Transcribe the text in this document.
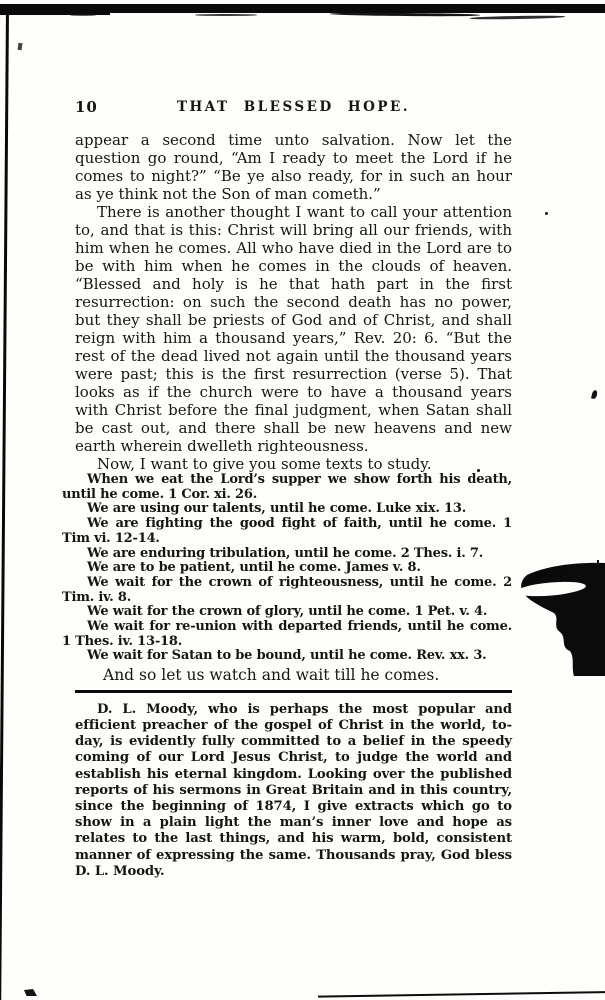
10	THAT BLESSED HOPE.

appear a second time unto salvation. Now let the question go round, “Am I ready to meet the Lord if he comes to night?” “Be ye also ready, for in such an hour as ye think not the Son of man cometh.”

There is another thought I want to call your attention to, and that is this: Christ will bring all our friends, with him when he comes. All who have died in the Lord are to be with him when he comes in the clouds of heaven. “Blessed and holy is he that hath part in the first resurrection: on such the second death has no power, but they shall be priests of God and of Christ, and shall reign with him a thousand years,” Rev. 20: 6. “But the rest of the dead lived not again until the thousand years were past; this is the first resurrection (verse 5). That looks as if the church were to have a thousand years with Christ before the final judgment, when Satan shall be cast out, and there shall be new heavens and new earth wherein dwelleth righteousness.

Now, I want to give you some texts to study.

When we eat the Lord’s supper we show forth his death, until he come. 1 Cor. xi. 26.

We are using our talents, until he come. Luke xix. 13.

We are fighting the good fight of faith, until he come. 1 Tim vi. 12-14.

We are enduring tribulation, until he come. 2 Thes. i. 7.

We are to be patient, until he come. James v. 8.

We wait for the crown of righteousness, until he come. 2 Tim. iv. 8.

We wait for the crown of glory, until he come. 1 Pet. v. 4.

We wait for re-union with departed friends, until he come. 1 Thes. iv. 13-18.

We wait for Satan to be bound, until he come. Rev. xx. 3.

And so let us watch and wait till he comes.

D. L. Moody, who is perhaps the most popular and efficient preacher of the gospel of Christ in the world, to-day, is evidently fully committed to a belief in the speedy coming of our Lord Jesus Christ, to judge the world and establish his eternal kingdom. Looking over the published reports of his sermons in Great Britain and in this country, since the beginning of 1874, I give extracts which go to show in a plain light the man’s inner love and hope as relates to the last things, and his warm, bold, consistent manner of expressing the same. Thousands pray, God bless D. L. Moody.
